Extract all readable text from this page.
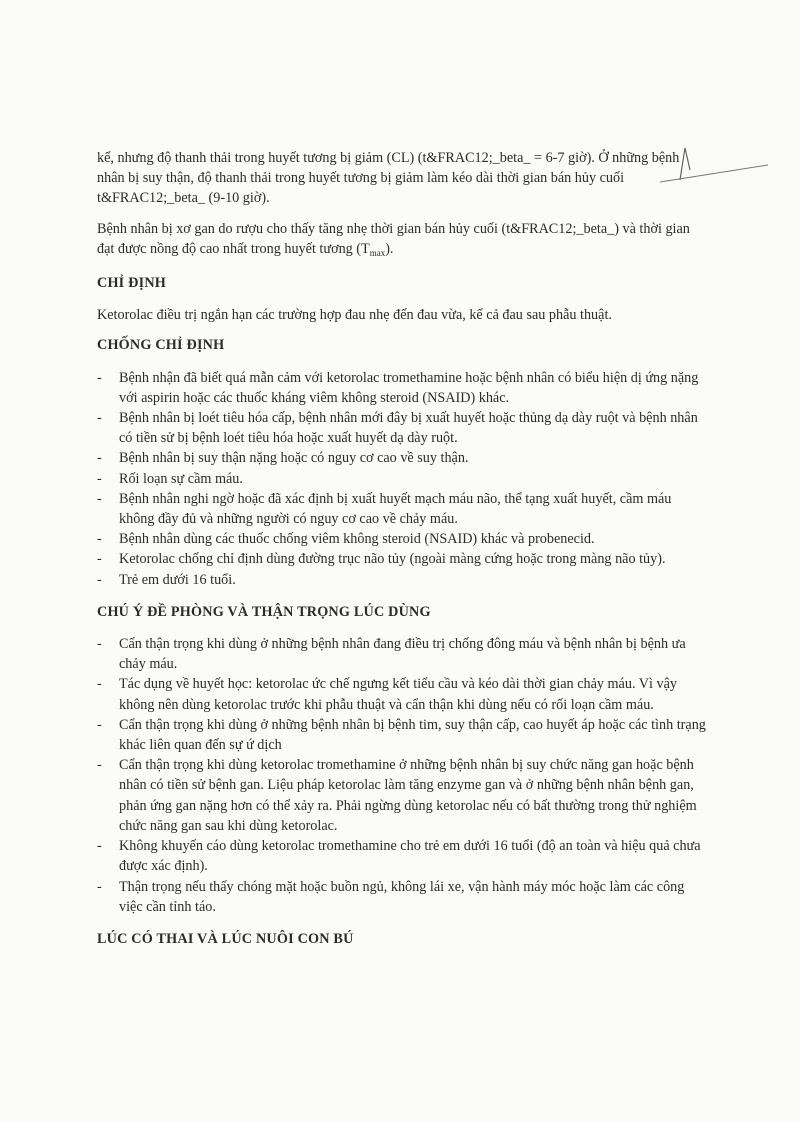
kể, nhưng độ thanh thải trong huyết tương bị giảm (CL) (t&FRAC12;_beta_ = 6-7 giờ). Ở những bệnh nhân bị suy thận, độ thanh thải trong huyết tương bị giảm làm kéo dài thời gian bán hủy cuối t&FRAC12;_beta_ (9-10 giờ).

Bệnh nhân bị xơ gan do rượu cho thấy tăng nhẹ thời gian bán hủy cuối (t&FRAC12;_beta_) và thời gian đạt được nồng độ cao nhất trong huyết tương $(T_{max})$.

CHỈ ĐỊNH

Ketorolac điều trị ngắn hạn các trường hợp đau nhẹ đến đau vừa, kể cả đau sau phẫu thuật.

CHỐNG CHỈ ĐỊNH
-	Bệnh nhận đã biết quá mẫn cảm với ketorolac tromethamine hoặc bệnh nhân có biểu hiện dị ứng nặng với aspirin hoặc các thuốc kháng viêm không steroid (NSAID) khác.
-	Bệnh nhân bị loét tiêu hóa cấp, bệnh nhân mới đây bị xuất huyết hoặc thủng dạ dày ruột và bệnh nhân có tiền sử bị bệnh loét tiêu hóa hoặc xuất huyết dạ dày ruột.
-	Bệnh nhân bị suy thận nặng hoặc có nguy cơ cao về suy thận.
-	Rối loạn sự cầm máu.
-	Bệnh nhân nghi ngờ hoặc đã xác định bị xuất huyết mạch máu não, thể tạng xuất huyết, cầm máu không đầy đủ và những người có nguy cơ cao về chảy máu.
-	Bệnh nhân dùng các thuốc chống viêm không steroid (NSAID) khác và probenecid.
-	Ketorolac chống chỉ định dùng đường trục não tủy (ngoài màng cứng hoặc trong màng não tủy).
-	Trẻ em dưới 16 tuổi.
CHÚ Ý ĐỀ PHÒNG VÀ THẬN TRỌNG LÚC DÙNG
-	Cẩn thận trọng khi dùng ở những bệnh nhân đang điều trị chống đông máu và bệnh nhân bị bệnh ưa chảy máu.
-	Tác dụng về huyết học: ketorolac ức chế ngưng kết tiểu cầu và kéo dài thời gian chảy máu. Vì vậy không nên dùng ketorolac trước khi phẫu thuật và cẩn thận khi dùng nếu có rối loạn cầm máu.
-	Cẩn thận trọng khi dùng ở những bệnh nhân bị bệnh tim, suy thận cấp, cao huyết áp hoặc các tình trạng khác liên quan đến sự ứ dịch
-	Cẩn thận trọng khi dùng ketorolac tromethamine ở những bệnh nhân bị suy chức năng gan hoặc bệnh nhân có tiền sử bệnh gan. Liệu pháp ketorolac làm tăng enzyme gan và ở những bệnh nhân bệnh gan, phản ứng gan nặng hơn có thể xảy ra. Phải ngừng dùng ketorolac nếu có bất thường trong thử nghiệm chức năng gan sau khi dùng ketorolac.
-	Không khuyến cáo dùng ketorolac tromethamine cho trẻ em dưới 16 tuổi (độ an toàn và hiệu quả chưa được xác định).
-	Thận trọng nếu thấy chóng mặt hoặc buồn ngủ, không lái xe, vận hành máy móc hoặc làm các công việc cần tỉnh táo.
LÚC CÓ THAI VÀ LÚC NUÔI CON BÚ
